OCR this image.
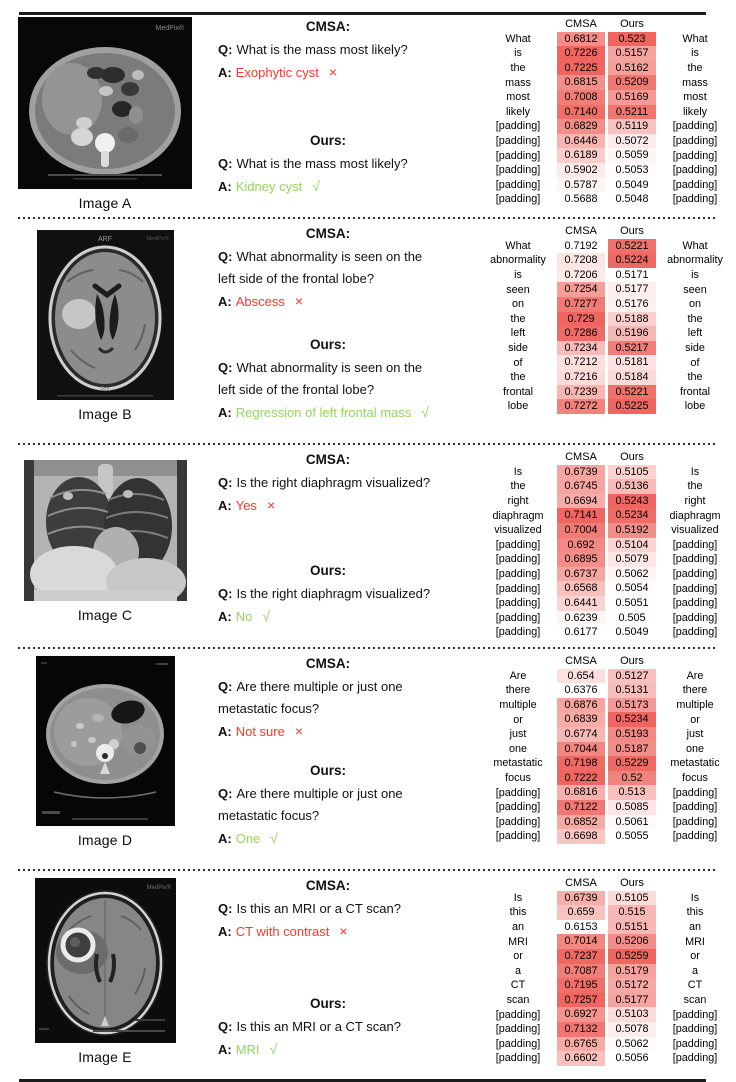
MedPix®
Image A
CMSA:
Q: What is the mass most likely?
A: Exophytic cyst ×
Ours:
Q: What is the mass most likely?
A: Kidney cyst √
CMSA	Ours
What	0.6812	0.523	What
is	0.7226	0.5157	is
the	0.7225	0.5162	the
mass	0.6815	0.5209	mass
most	0.7008	0.5169	most
likely	0.7140	0.5211	likely
[padding]	0.6829	0.5119	[padding]
[padding]	0.6446	0.5072	[padding]
[padding]	0.6189	0.5059	[padding]
[padding]	0.5902	0.5053	[padding]
[padding]	0.5787	0.5049	[padding]
[padding]	0.5688	0.5048	[padding]
ARF	MedPix®
Put
Image B
CMSA:
Q: What abnormality is seen on the
left side of the frontal lobe?
A: Abscess ×
Ours:
Q: What abnormality is seen on the
left side of the frontal lobe?
A: Regression of left frontal mass √
CMSA	Ours
What	0.7192	0.5221	What
abnormality	0.7208	0.5224	abnormality
is	0.7206	0.5171	is
seen	0.7254	0.5177	seen
on	0.7277	0.5176	on
the	0.729	0.5188	the
left	0.7286	0.5196	left
side	0.7234	0.5217	side
of	0.7212	0.5181	of
the	0.7216	0.5184	the
frontal	0.7239	0.5221	frontal
lobe	0.7272	0.5225	lobe
Image C
CMSA:
Q: Is the right diaphragm visualized?
A: Yes ×
Ours:
Q: Is the right diaphragm visualized?
A: No √
CMSA	Ours
Is	0.6739	0.5105	Is
the	0.6745	0.5136	the
right	0.6694	0.5243	right
diaphragm	0.7141	0.5234	diaphragm
visualized	0.7004	0.5192	visualized
[padding]	0.692	0.5104	[padding]
[padding]	0.6895	0.5079	[padding]
[padding]	0.6737	0.5062	[padding]
[padding]	0.6568	0.5054	[padding]
[padding]	0.6441	0.5051	[padding]
[padding]	0.6239	0.505	[padding]
[padding]	0.6177	0.5049	[padding]
Image D
CMSA:
Q: Are there multiple or just one
metastatic focus?
A: Not sure ×
Ours:
Q: Are there multiple or just one
metastatic focus?
A: One √
CMSA	Ours
Are	0.654	0.5127	Are
there	0.6376	0.5131	there
multiple	0.6876	0.5173	multiple
or	0.6839	0.5234	or
just	0.6774	0.5193	just
one	0.7044	0.5187	one
metastatic	0.7198	0.5229	metastatic
focus	0.7222	0.52	focus
[padding]	0.6816	0.513	[padding]
[padding]	0.7122	0.5085	[padding]
[padding]	0.6852	0.5061	[padding]
[padding]	0.6698	0.5055	[padding]
MedPix®
Image E
CMSA:
Q: Is this an MRI or a CT scan?
A: CT with contrast ×
Ours:
Q: Is this an MRI or a CT scan?
A: MRI √
CMSA	Ours
Is	0.6739	0.5105	Is
this	0.659	0.515	this
an	0.6153	0.5151	an
MRI	0.7014	0.5206	MRI
or	0.7237	0.5259	or
a	0.7087	0.5179	a
CT	0.7195	0.5172	CT
scan	0.7257	0.5177	scan
[padding]	0.6927	0.5103	[padding]
[padding]	0.7132	0.5078	[padding]
[padding]	0.6765	0.5062	[padding]
[padding]	0.6602	0.5056	[padding]
